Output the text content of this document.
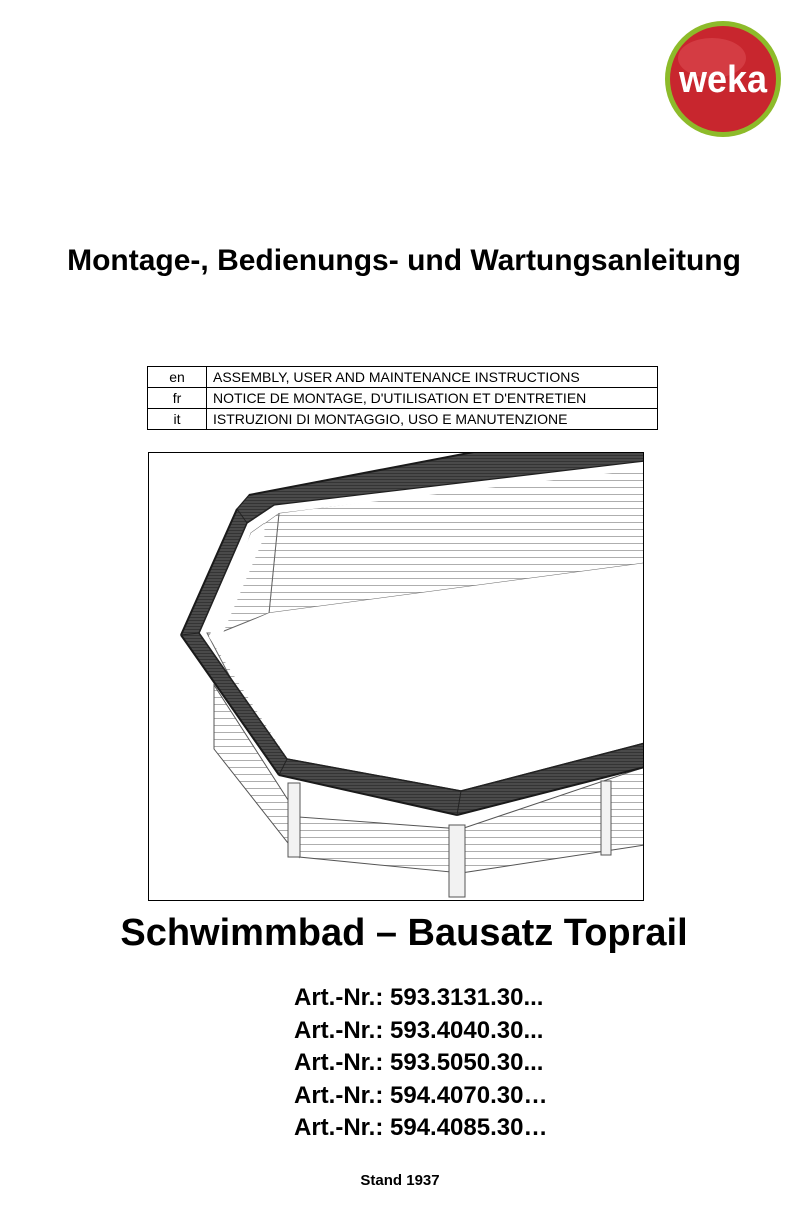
weka
Montage-, Bedienungs- und Wartungsanleitung
en	ASSEMBLY, USER AND MAINTENANCE INSTRUCTIONS
fr	NOTICE DE MONTAGE, D'UTILISATION ET D'ENTRETIEN
it	ISTRUZIONI DI MONTAGGIO, USO E MANUTENZIONE
Schwimmbad – Bausatz Toprail
Art.-Nr.: 593.3131.30...
Art.-Nr.: 593.4040.30...
Art.-Nr.: 593.5050.30...
Art.-Nr.: 594.4070.30…
Art.-Nr.: 594.4085.30…
Stand 1937
